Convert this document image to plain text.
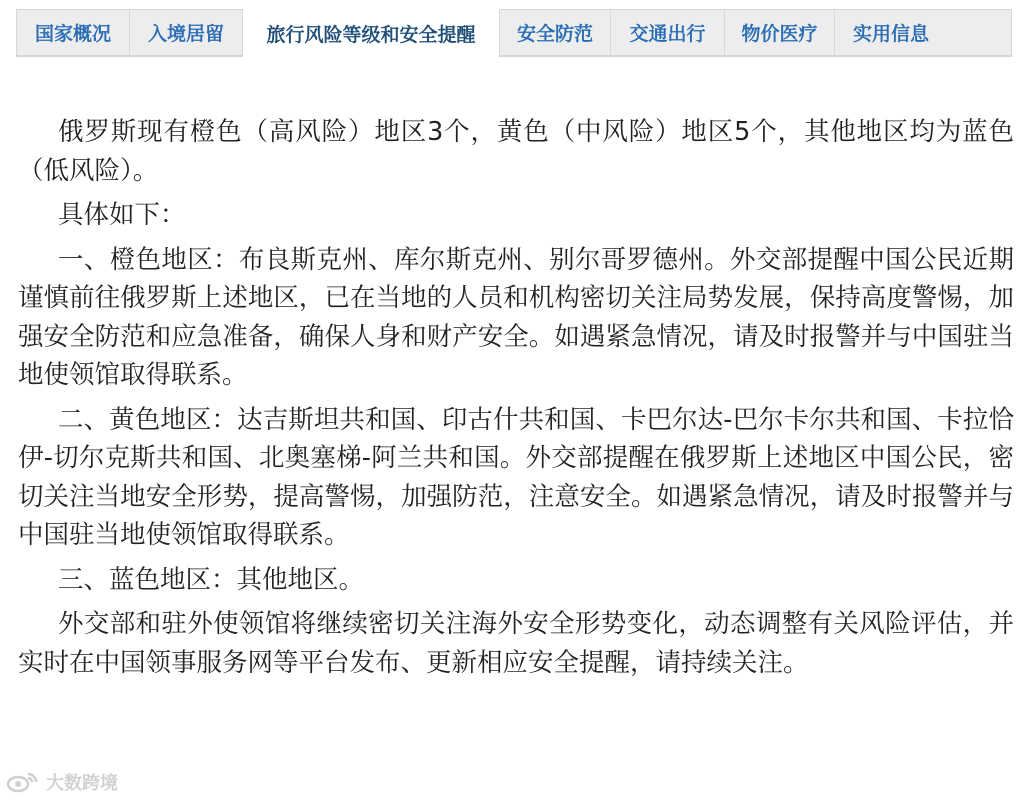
国家概况	入境居留	旅行风险等级和安全提醒	安全防范	交通出行	物价医疗	实用信息

俄罗斯现有橙色（高风险）地区3个，黄色（中风险）地区5个，其他地区均为蓝色（低风险）。

具体如下：

一、橙色地区：布良斯克州、库尔斯克州、别尔哥罗德州。外交部提醒中国公民近期谨慎前往俄罗斯上述地区，已在当地的人员和机构密切关注局势发展，保持高度警惕，加强安全防范和应急准备，确保人身和财产安全。如遇紧急情况，请及时报警并与中国驻当地使领馆取得联系。

二、黄色地区：达吉斯坦共和国、印古什共和国、卡巴尔达-巴尔卡尔共和国、卡拉恰伊-切尔克斯共和国、北奥塞梯-阿兰共和国。外交部提醒在俄罗斯上述地区中国公民，密切关注当地安全形势，提高警惕，加强防范，注意安全。如遇紧急情况，请及时报警并与中国驻当地使领馆取得联系。

三、蓝色地区：其他地区。

外交部和驻外使领馆将继续密切关注海外安全形势变化，动态调整有关风险评估，并实时在中国领事服务网等平台发布、更新相应安全提醒，请持续关注。

大数跨境
